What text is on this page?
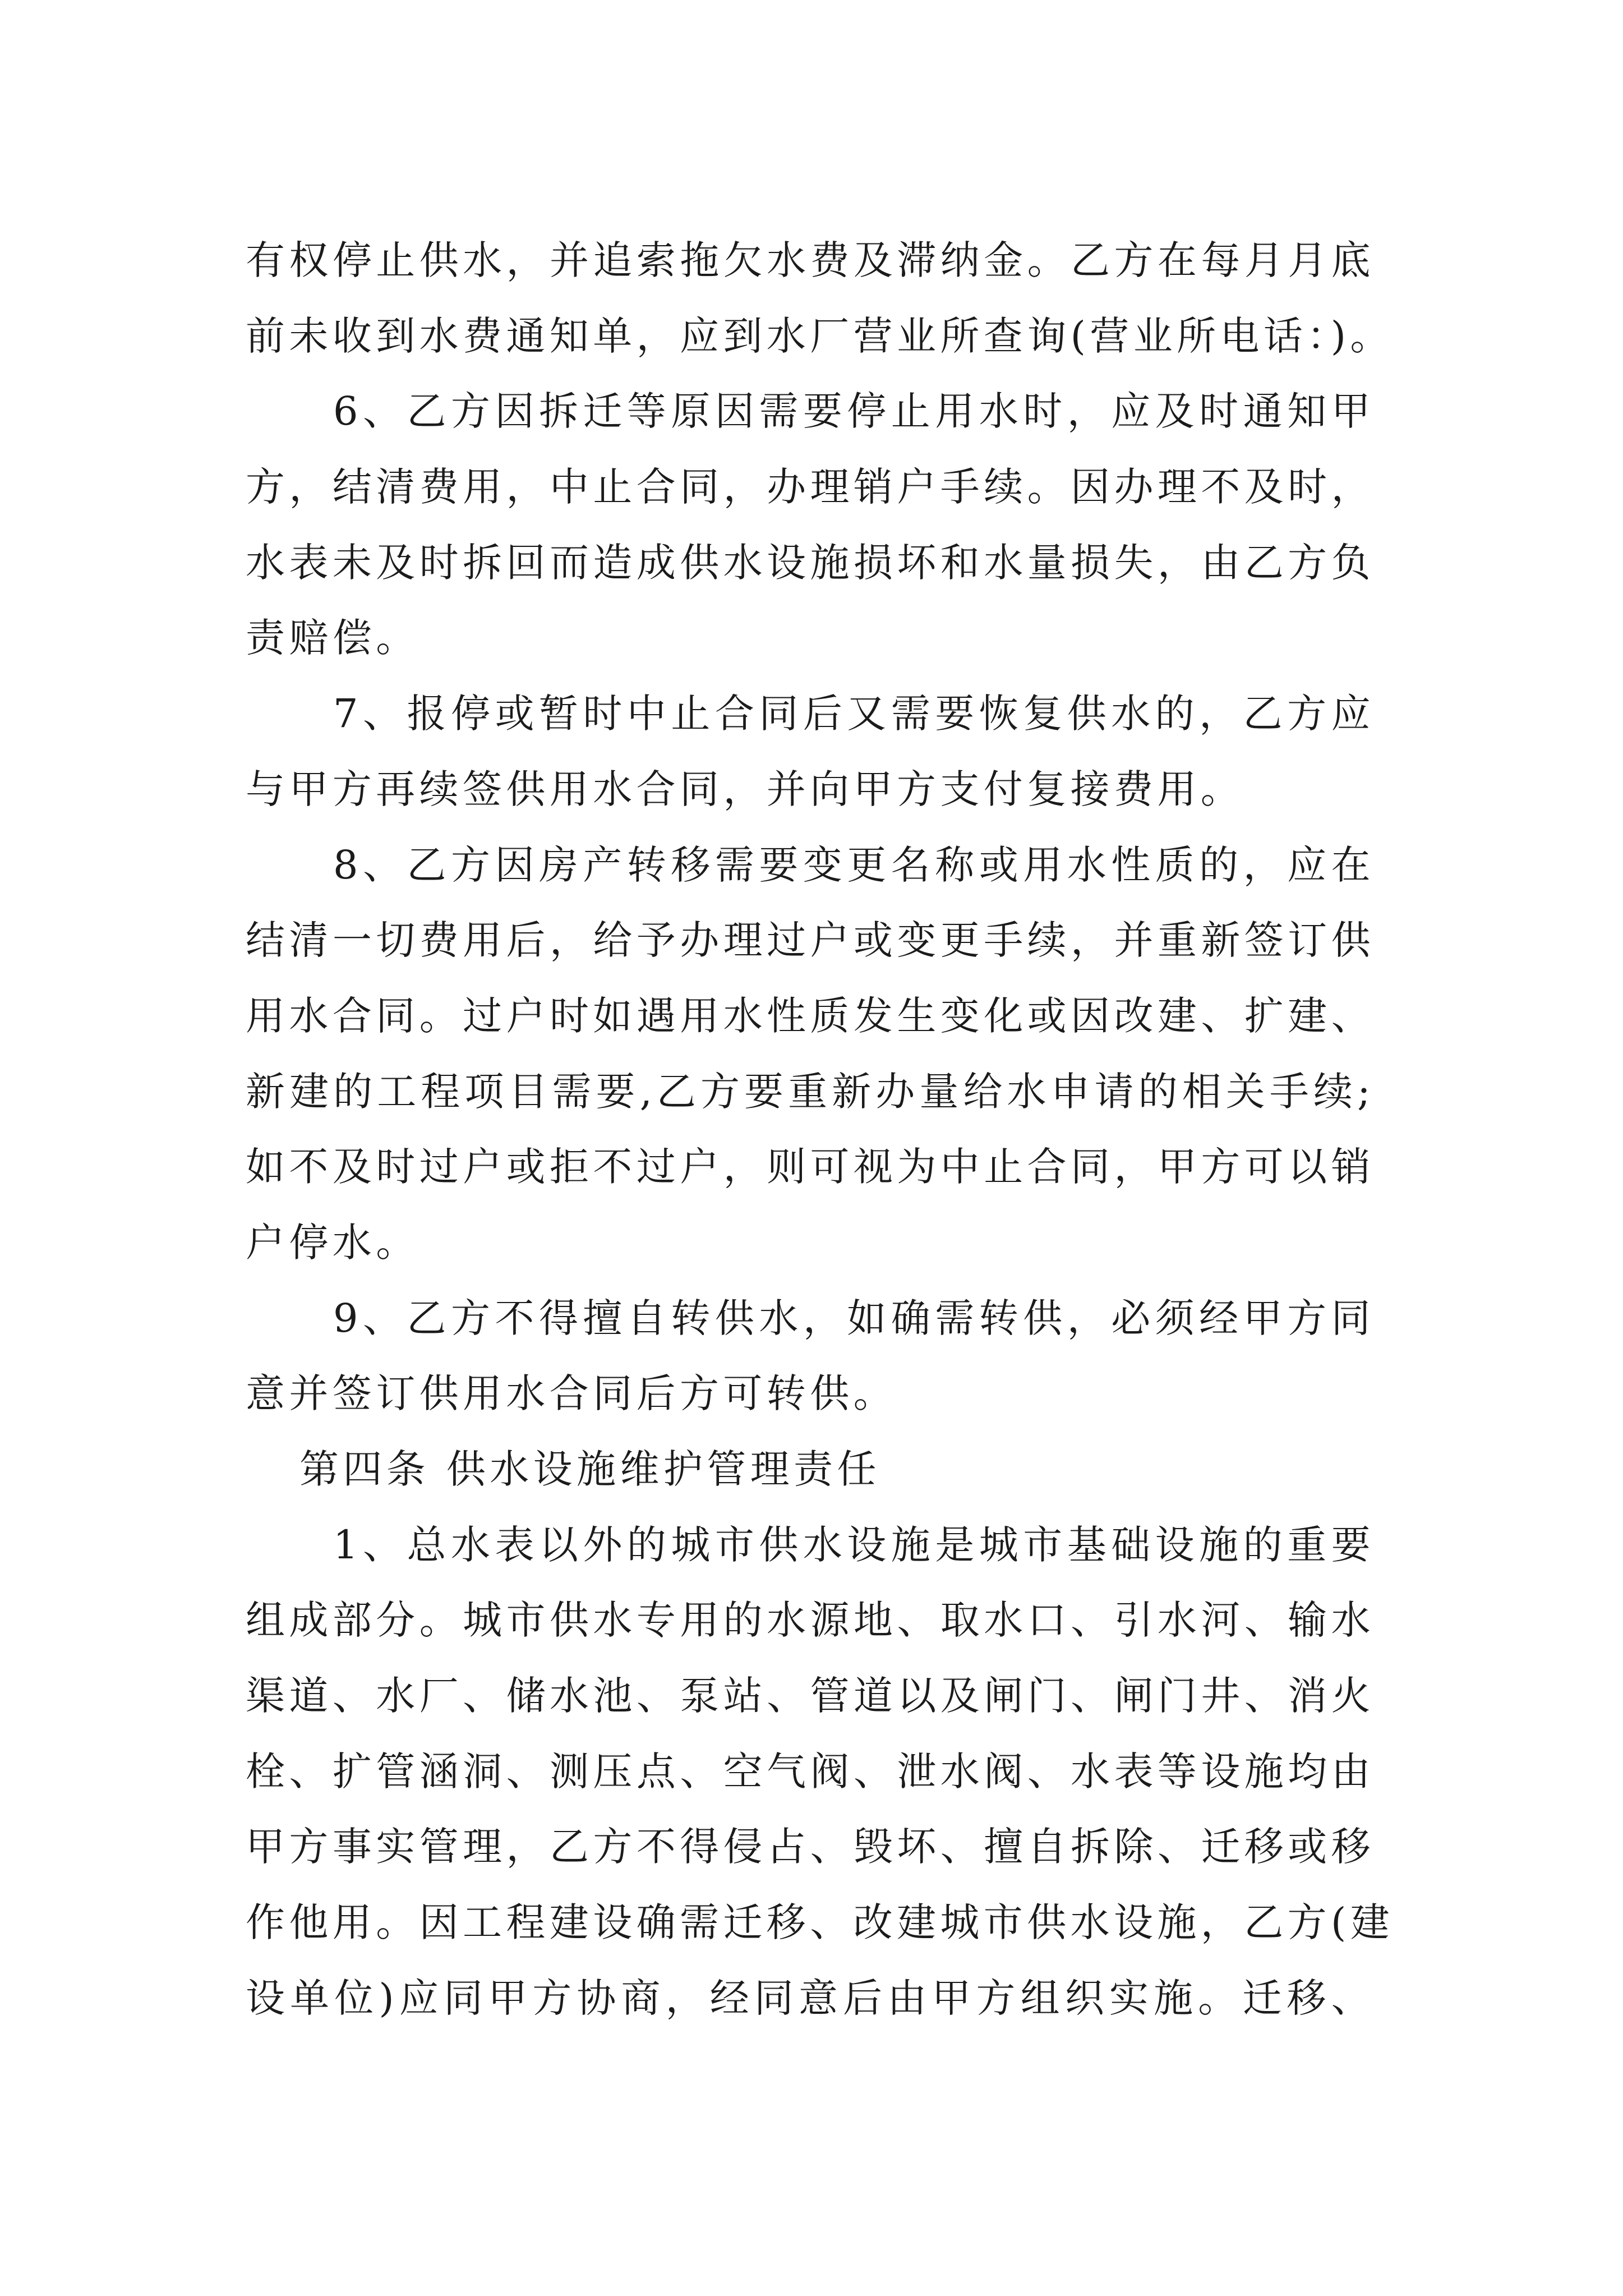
有权停止供水，并追索拖欠水费及滞纳金。乙方在每月月底
前未收到水费通知单，应到水厂营业所查询(营业所电话：)。
6、乙方因拆迁等原因需要停止用水时，应及时通知甲
方，结清费用，中止合同，办理销户手续。因办理不及时，
水表未及时拆回而造成供水设施损坏和水量损失，由乙方负
责赔偿。
7、报停或暂时中止合同后又需要恢复供水的，乙方应
与甲方再续签供用水合同，并向甲方支付复接费用。
8、乙方因房产转移需要变更名称或用水性质的，应在
结清一切费用后，给予办理过户或变更手续，并重新签订供
用水合同。过户时如遇用水性质发生变化或因改建、扩建、
新建的工程项目需要,乙方要重新办量给水申请的相关手续;
如不及时过户或拒不过户，则可视为中止合同，甲方可以销
户停水。
9、乙方不得擅自转供水，如确需转供，必须经甲方同
意并签订供用水合同后方可转供。
第四条 供水设施维护管理责任
1、总水表以外的城市供水设施是城市基础设施的重要
组成部分。城市供水专用的水源地、取水口、引水河、输水
渠道、水厂、储水池、泵站、管道以及闸门、闸门井、消火
栓、扩管涵洞、测压点、空气阀、泄水阀、水表等设施均由
甲方事实管理，乙方不得侵占、毁坏、擅自拆除、迁移或移
作他用。因工程建设确需迁移、改建城市供水设施，乙方(建
设单位)应同甲方协商，经同意后由甲方组织实施。迁移、
